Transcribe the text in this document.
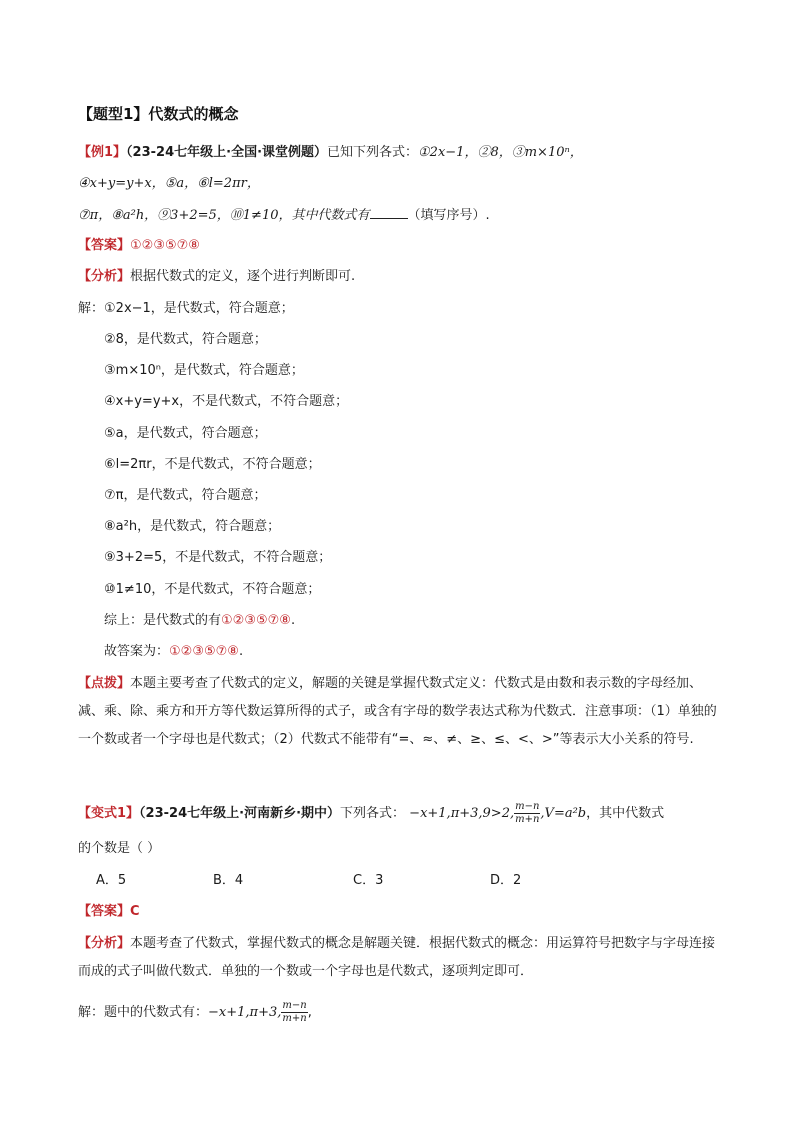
【题型1】代数式的概念
【例1】（23-24七年级上·全国·课堂例题）已知下列各式：①2x−1，②8，③m×10ⁿ，
④x+y=y+x，⑤a，⑥l=2πr，
⑦π，⑧a²h，⑨3+2=5，⑩1≠10，其中代数式有	（填写序号）.
【答案】①②③⑤⑦⑧
【分析】根据代数式的定义，逐个进行判断即可.
解：①2x−1，是代数式，符合题意；
②8，是代数式，符合题意；
③m×10ⁿ，是代数式，符合题意；
④x+y=y+x，不是代数式，不符合题意；
⑤a，是代数式，符合题意；
⑥l=2πr，不是代数式，不符合题意；
⑦π，是代数式，符合题意；
⑧a²h，是代数式，符合题意；
⑨3+2=5，不是代数式，不符合题意；
⑩1≠10，不是代数式，不符合题意；
综上：是代数式的有①②③⑤⑦⑧.
故答案为：①②③⑤⑦⑧.
【点拨】本题主要考查了代数式的定义，解题的关键是掌握代数式定义：代数式是由数和表示数的字母经加、减、乘、除、乘方和开方等代数运算所得的式子，或含有字母的数学表达式称为代数式．注意事项：（1）单独的一个数或者一个字母也是代数式；（2）代数式不能带有“=、≈、≠、≥、≤、<、>”等表示大小关系的符号.
【变式1】（23-24七年级上·河南新乡·期中）下列各式： −x+1,π+3,9>2, $\frac{m-n}{m+n} ,V=a^2b$，其中代数式
的个数是（ ）
A．5	B．4	C．3	D．2
【答案】C
【分析】本题考查了代数式，掌握代数式的概念是解题关键．根据代数式的概念：用运算符号把数字与字母连接而成的式子叫做代数式．单独的一个数或一个字母也是代数式，逐项判定即可．
解：题中的代数式有：−x+1,π+3, $\frac{m-n}{m+n}$ ,
